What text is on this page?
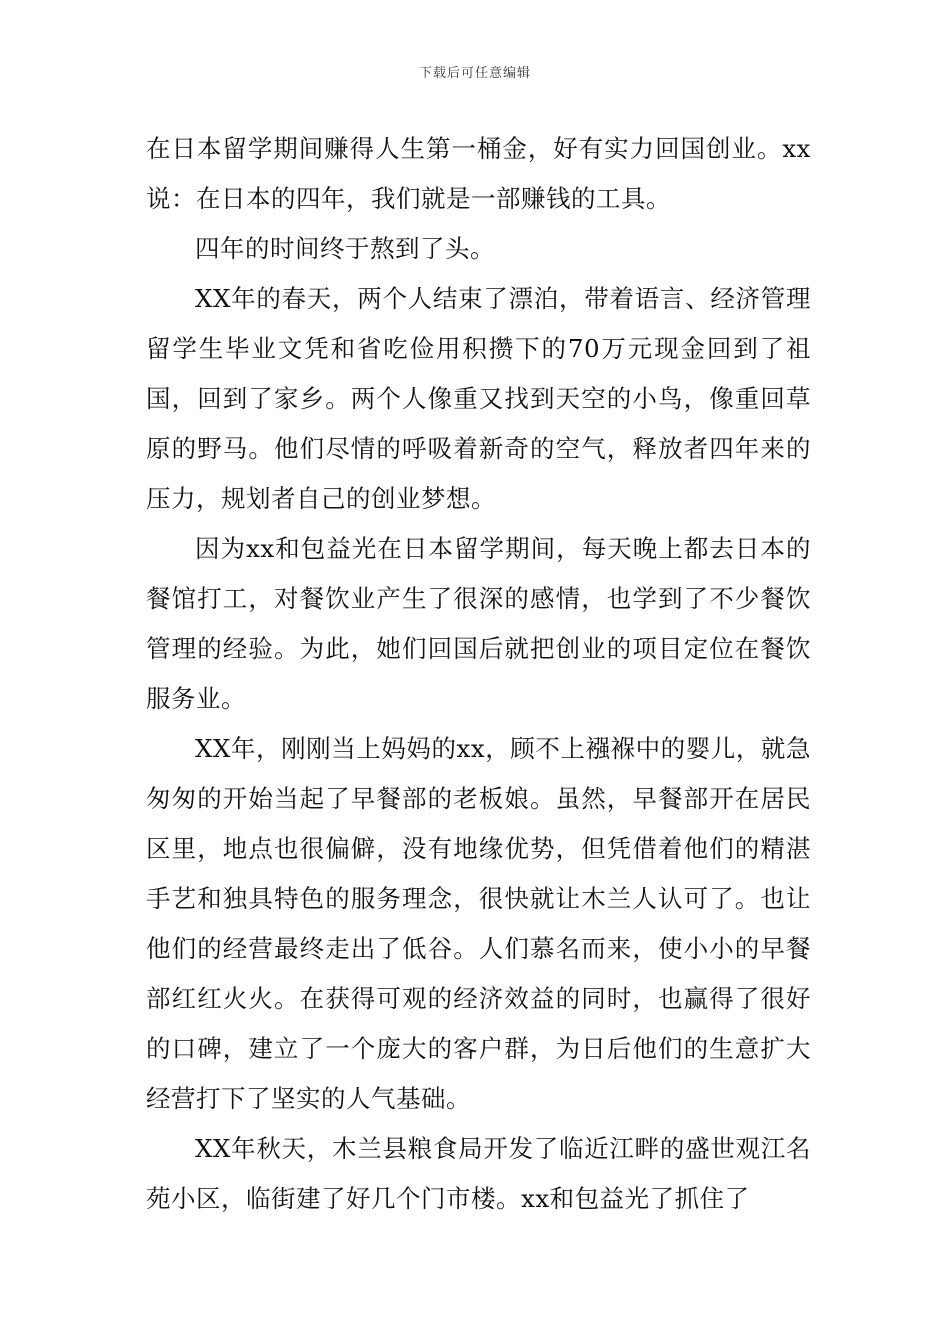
下载后可任意编辑

在日本留学期间赚得人生第一桶金，好有实力回国创业。xx说：在日本的四年，我们就是一部赚钱的工具。

四年的时间终于熬到了头。

XX年的春天，两个人结束了漂泊，带着语言、经济管理留学生毕业文凭和省吃俭用积攒下的70万元现金回到了祖国，回到了家乡。两个人像重又找到天空的小鸟，像重回草原的野马。他们尽情的呼吸着新奇的空气，释放者四年来的压力，规划者自己的创业梦想。

因为xx和包益光在日本留学期间，每天晚上都去日本的餐馆打工，对餐饮业产生了很深的感情，也学到了不少餐饮管理的经验。为此，她们回国后就把创业的项目定位在餐饮服务业。

XX年，刚刚当上妈妈的xx，顾不上襁褓中的婴儿，就急匆匆的开始当起了早餐部的老板娘。虽然，早餐部开在居民区里，地点也很偏僻，没有地缘优势，但凭借着他们的精湛手艺和独具特色的服务理念，很快就让木兰人认可了。也让他们的经营最终走出了低谷。人们慕名而来，使小小的早餐部红红火火。在获得可观的经济效益的同时，也赢得了很好的口碑，建立了一个庞大的客户群，为日后他们的生意扩大经营打下了坚实的人气基础。

XX年秋天，木兰县粮食局开发了临近江畔的盛世观江名苑小区，临街建了好几个门市楼。xx和包益光了抓住了
